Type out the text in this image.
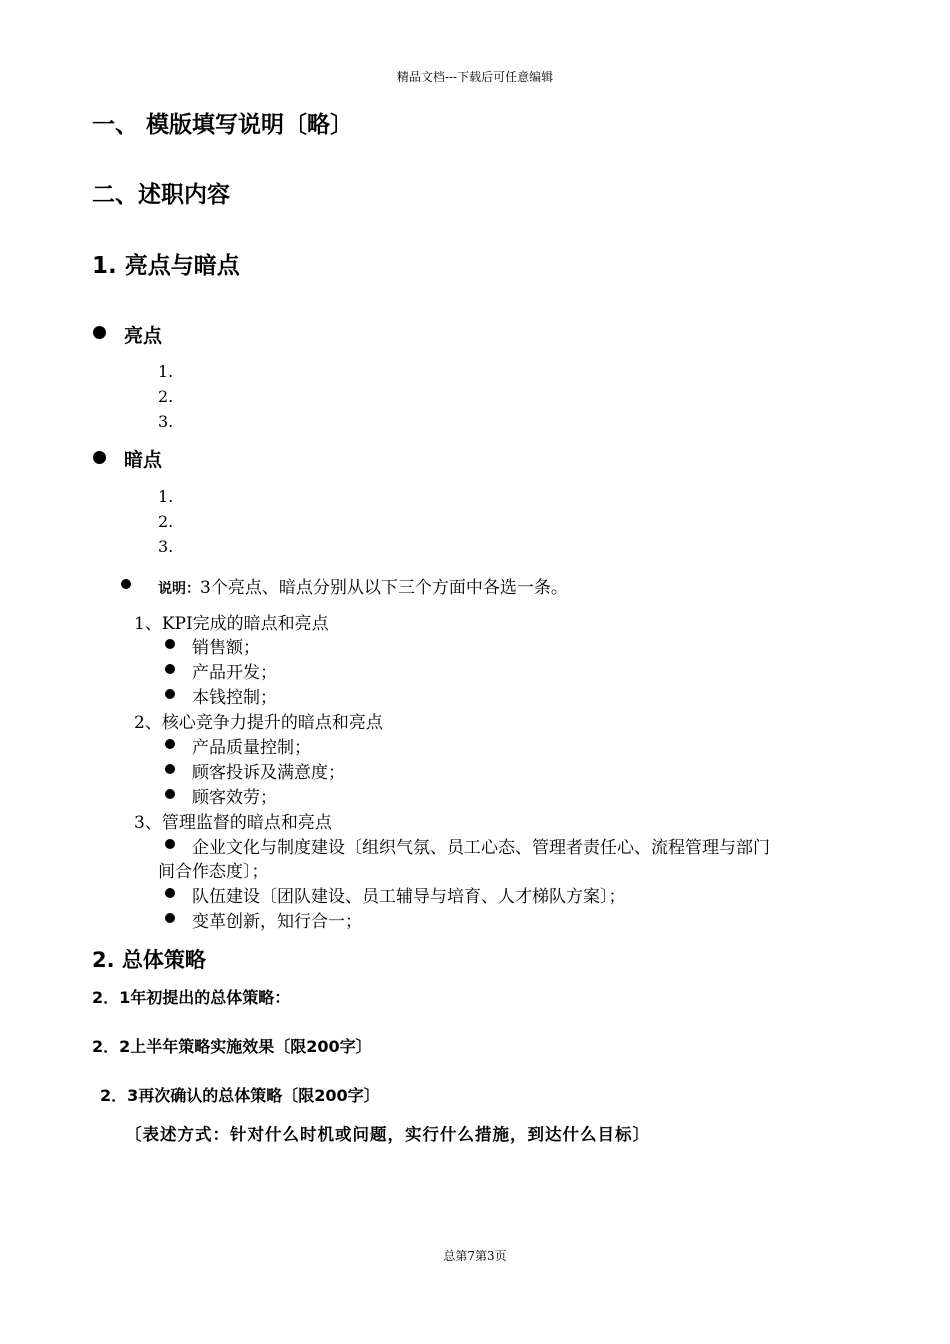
精品文档---下载后可任意编辑
一、 模版填写说明〔略〕
二、述职内容
1. 亮点与暗点
亮点
1.
2.
3.
暗点
1.
2.
3.
说明：3个亮点、暗点分别从以下三个方面中各选一条。
1、KPI完成的暗点和亮点
销售额；
产品开发；
本钱控制；
2、核心竞争力提升的暗点和亮点
产品质量控制；
顾客投诉及满意度；
顾客效劳；
3、管理监督的暗点和亮点
企业文化与制度建设〔组织气氛、员工心态、管理者责任心、流程管理与部门
间合作态度〕；
队伍建设〔团队建设、员工辅导与培育、人才梯队方案〕；
变革创新，知行合一；
2. 总体策略
2．1年初提出的总体策略：
2．2上半年策略实施效果〔限200字〕
2．3再次确认的总体策略〔限200字〕
〔表述方式：针对什么时机或问题，实行什么措施，到达什么目标〕
总第7第3页
